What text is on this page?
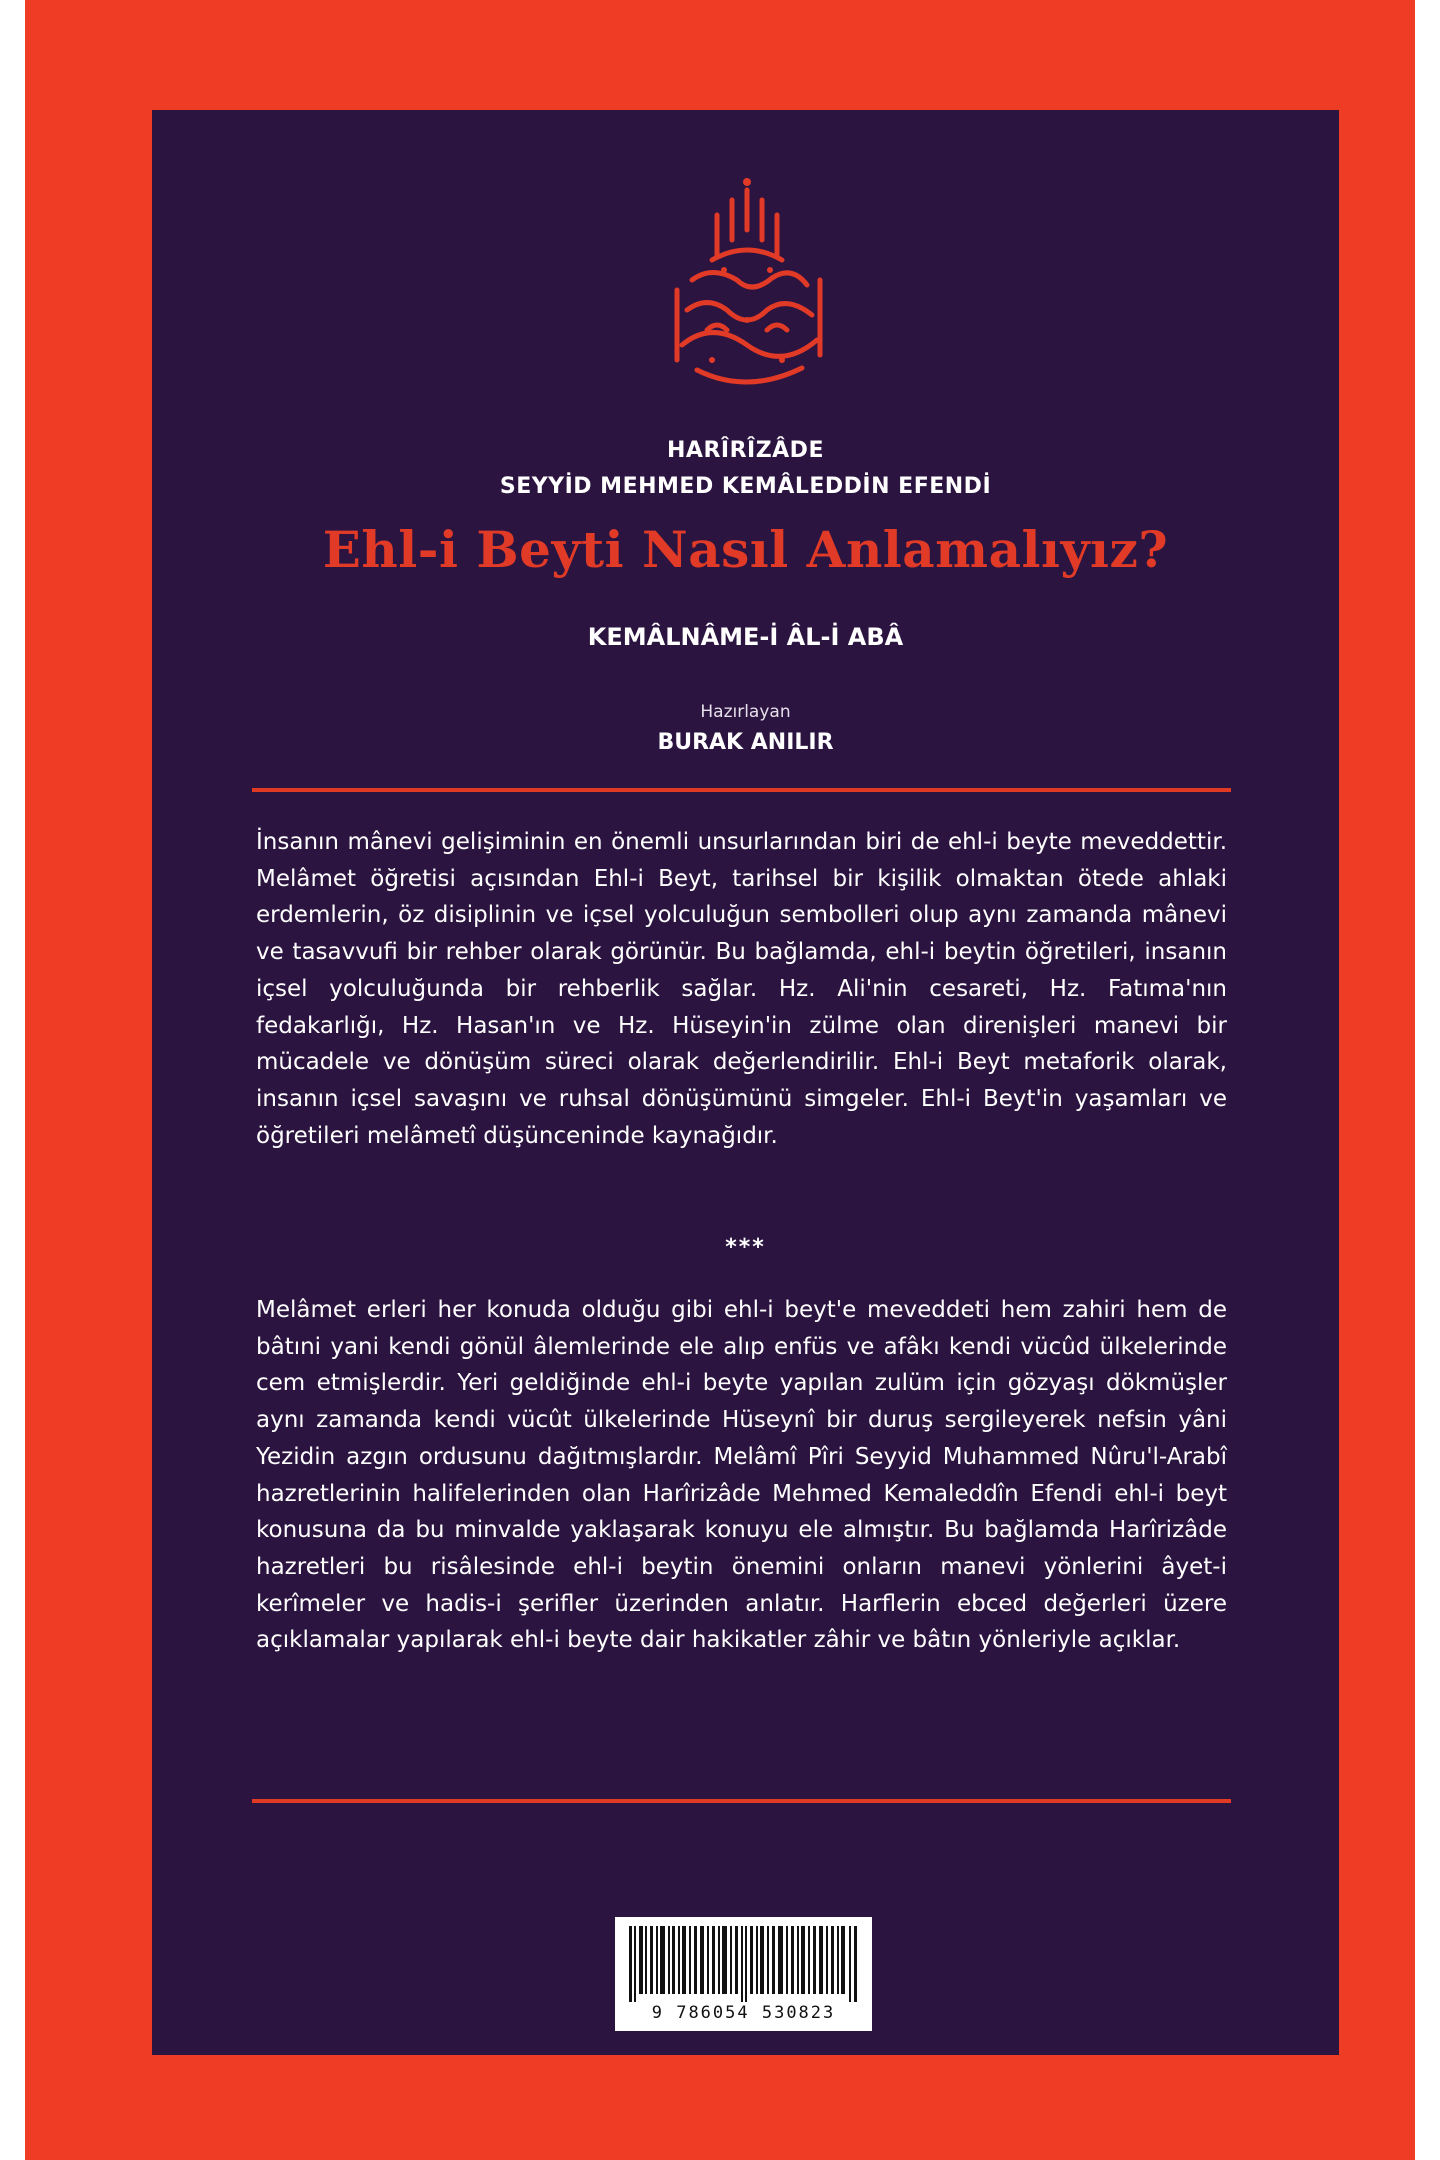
HARÎRÎZÂDE
SEYYİD MEHMED KEMÂLEDDİN EFENDİ
Ehl-i Beyti Nasıl Anlamalıyız?
KEMÂLNÂME-İ ÂL-İ ABÂ
Hazırlayan
BURAK ANILIR
İnsanın mânevi gelişiminin en önemli unsurlarından biri de ehl-i beyte meveddettir. Melâmet öğretisi açısından Ehl-i Beyt, tarihsel bir kişilik olmaktan ötede ahlaki erdemlerin, öz disiplinin ve içsel yolculuğun sembolleri olup aynı zamanda mânevi ve tasavvufi bir rehber olarak görünür. Bu bağlamda, ehl-i beytin öğretileri, insanın içsel yolculuğunda bir rehberlik sağlar. Hz. Ali'nin cesareti, Hz. Fatıma'nın fedakarlığı, Hz. Hasan'ın ve Hz. Hüseyin'in zülme olan direnişleri manevi bir mücadele ve dönüşüm süreci olarak değerlendirilir. Ehl-i Beyt metaforik olarak, insanın içsel savaşını ve ruhsal dönüşümünü simgeler. Ehl-i Beyt'in yaşamları ve öğretileri melâmetî düşünceninde kaynağıdır.
***
Melâmet erleri her konuda olduğu gibi ehl-i beyt'e meveddeti hem zahiri hem de bâtıni yani kendi gönül âlemlerinde ele alıp enfüs ve afâkı kendi vücûd ülkelerinde cem etmişlerdir. Yeri geldiğinde ehl-i beyte yapılan zulüm için gözyaşı dökmüşler aynı zamanda kendi vücût ülkelerinde Hüseynî bir duruş sergileyerek nefsin yâni Yezidin azgın ordusunu dağıtmışlardır. Melâmî Pîri Seyyid Muhammed Nûru'l-Arabî hazretlerinin halifelerinden olan Harîrizâde Mehmed Kemaleddîn Efendi ehl-i beyt konusuna da bu minvalde yaklaşarak konuyu ele almıştır. Bu bağlamda Harîrizâde hazretleri bu risâlesinde ehl-i beytin önemini onların manevi yönlerini âyet-i kerîmeler ve hadis-i şerifler üzerinden anlatır. Harflerin ebced değerleri üzere açıklamalar yapılarak ehl-i beyte dair hakikatler zâhir ve bâtın yönleriyle açıklar.
9 786054 530823
